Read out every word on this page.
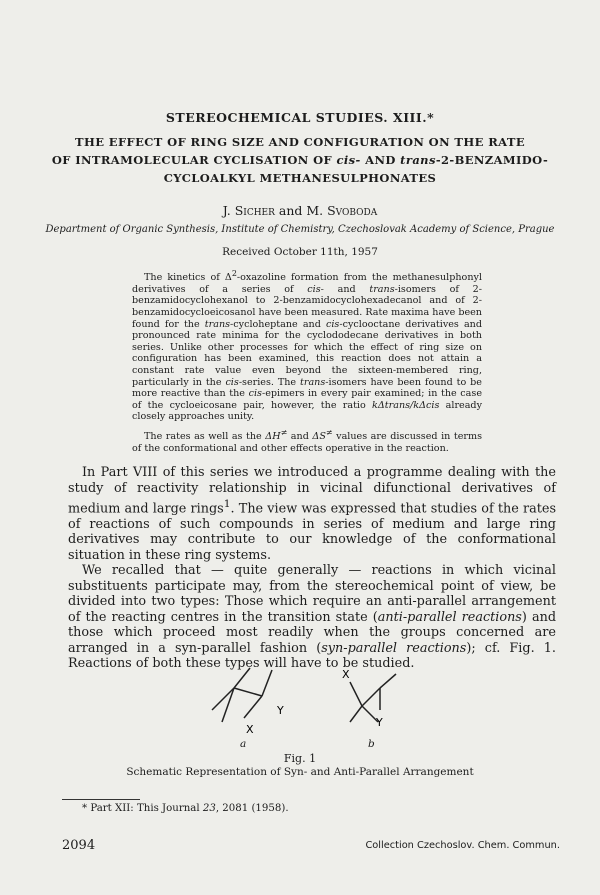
STEREOCHEMICAL STUDIES. XIII.*
THE EFFECT OF RING SIZE AND CONFIGURATION ON THE RATE
OF INTRAMOLECULAR CYCLISATION OF cis- AND trans-2-BENZAMIDO-
CYCLOALKYL METHANESULPHONATES
J. Sicher and M. Svoboda
Department of Organic Synthesis, Institute of Chemistry, Czechoslovak Academy of Science, Prague
Received October 11th, 1957

The kinetics of $\Delta^2$-oxazoline formation from the methanesulphonyl derivatives of a series of cis- and trans-isomers of 2-benzamidocyclohexanol to 2-benzamidocyclohexadecanol and of 2-benzamidocycloeicosanol have been measured. Rate maxima have been found for the trans-cycloheptane and cis-cyclooctane derivatives and pronounced rate minima for the cyclododecane derivatives in both series. Unlike other processes for which the effect of ring size on configuration has been examined, this reaction does not attain a constant rate value even beyond the sixteen-membered ring, particularly in the cis-series. The trans-isomers have been found to be more reactive than the cis-epimers in every pair examined; in the case of the cycloeicosane pair, however, the ratio kΔtrans/kΔcis already closely approaches unity.

The rates as well as the ΔH≠ and ΔS≠ values are discussed in terms of the conformational and other effects operative in the reaction.

In Part VIII of this series we introduced a programme dealing with the study of reactivity relationship in vicinal difunctional derivatives of medium and large rings$^1$. The view was expressed that studies of the rates of reactions of such compounds in series of medium and large ring derivatives may contribute to our knowledge of the conformational situation in these ring systems.

We recalled that — quite generally — reactions in which vicinal substituents participate may, from the stereochemical point of view, be divided into two types: Those which require an anti-parallel arrangement of the reacting centres in the transition state (anti-parallel reactions) and those which proceed most readily when the groups concerned are arranged in a syn-parallel fashion (syn-parallel reactions); cf. Fig. 1. Reactions of both these types will have to be studied.

X
Y
X
Y
a	b
Fig. 1
Schematic Representation of Syn- and Anti-Parallel Arrangement
* Part XII: This Journal 23, 2081 (1958).
2094	Collection Czechoslov. Chem. Commun.
